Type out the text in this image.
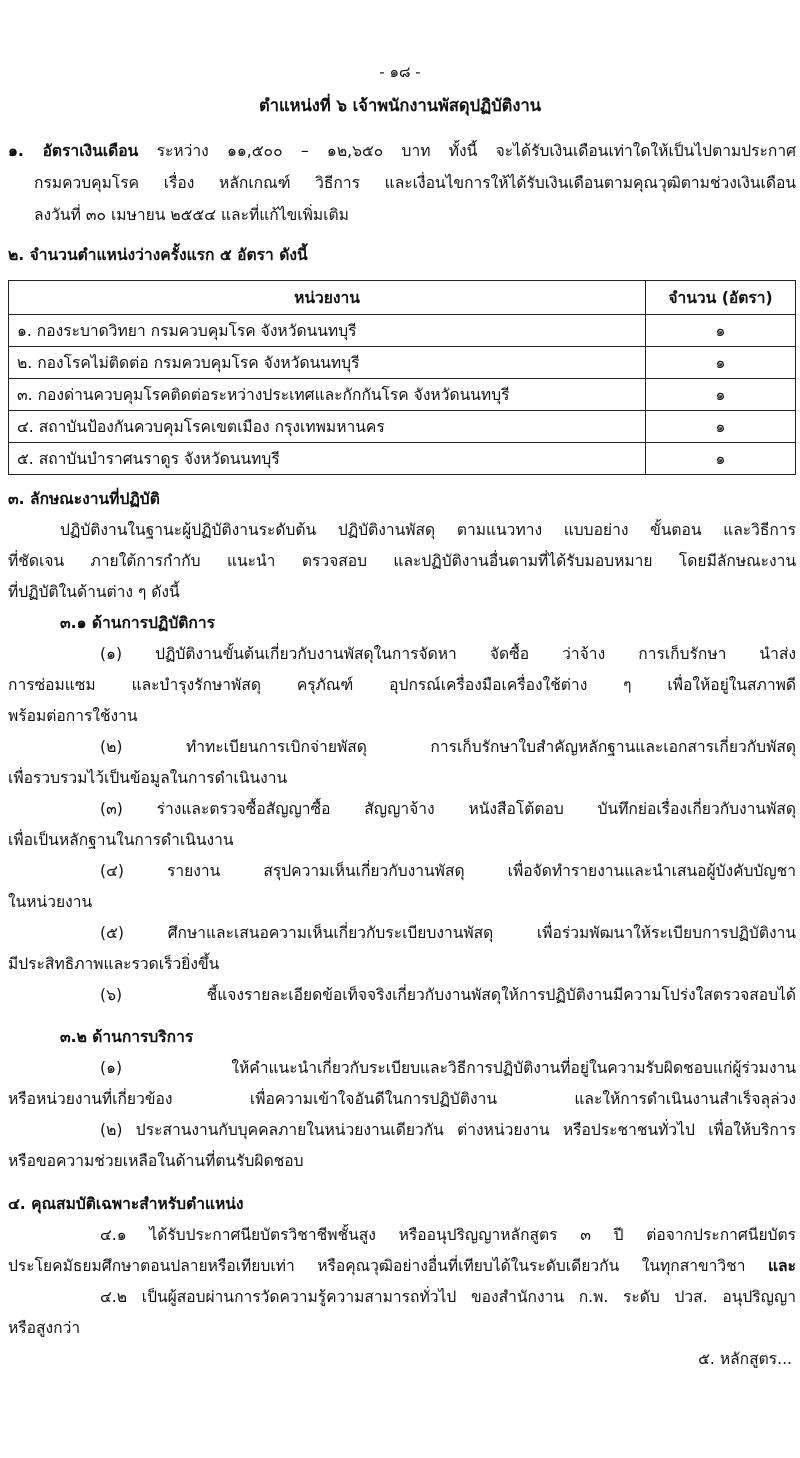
- ๑๘ -
ตำแหน่งที่ ๖ เจ้าพนักงานพัสดุปฏิบัติงาน
๑. อัตราเงินเดือน ระหว่าง ๑๑,๕๐๐ – ๑๒,๖๕๐ บาท ทั้งนี้ จะได้รับเงินเดือนเท่าใดให้เป็นไปตามประกาศ
กรมควบคุมโรค เรื่อง หลักเกณฑ์ วิธีการ และเงื่อนไขการให้ได้รับเงินเดือนตามคุณวุฒิตามช่วงเงินเดือน
ลงวันที่ ๓๐ เมษายน ๒๕๕๔ และที่แก้ไขเพิ่มเติม
๒. จำนวนตำแหน่งว่างครั้งแรก ๕ อัตรา ดังนี้
หน่วยงาน	จำนวน (อัตรา)
๑. กองระบาดวิทยา กรมควบคุมโรค จังหวัดนนทบุรี	๑
๒. กองโรคไม่ติดต่อ กรมควบคุมโรค จังหวัดนนทบุรี	๑
๓. กองด่านควบคุมโรคติดต่อระหว่างประเทศและกักกันโรค จังหวัดนนทบุรี	๑
๔. สถาบันป้องกันควบคุมโรคเขตเมือง กรุงเทพมหานคร	๑
๕. สถาบันบำราศนราดูร จังหวัดนนทบุรี	๑
๓. ลักษณะงานที่ปฏิบัติ
ปฏิบัติงานในฐานะผู้ปฏิบัติงานระดับต้น ปฏิบัติงานพัสดุ ตามแนวทาง แบบอย่าง ขั้นตอน และวิธีการ
ที่ชัดเจน ภายใต้การกำกับ แนะนำ ตรวจสอบ และปฏิบัติงานอื่นตามที่ได้รับมอบหมาย โดยมีลักษณะงาน
ที่ปฏิบัติในด้านต่าง ๆ ดังนี้
๓.๑ ด้านการปฏิบัติการ
(๑) ปฏิบัติงานขั้นต้นเกี่ยวกับงานพัสดุในการจัดหา จัดซื้อ ว่าจ้าง การเก็บรักษา นำส่ง
การซ่อมแซม และบำรุงรักษาพัสดุ ครุภัณฑ์ อุปกรณ์เครื่องมือเครื่องใช้ต่าง ๆ เพื่อให้อยู่ในสภาพดี
พร้อมต่อการใช้งาน
(๒) ทำทะเบียนการเบิกจ่ายพัสดุ การเก็บรักษาใบสำคัญหลักฐานและเอกสารเกี่ยวกับพัสดุ
เพื่อรวบรวมไว้เป็นข้อมูลในการดำเนินงาน
(๓) ร่างและตรวจซื้อสัญญาซื้อ สัญญาจ้าง หนังสือโต้ตอบ บันทึกย่อเรื่องเกี่ยวกับงานพัสดุ
เพื่อเป็นหลักฐานในการดำเนินงาน
(๔) รายงาน สรุปความเห็นเกี่ยวกับงานพัสดุ เพื่อจัดทำรายงานและนำเสนอผู้บังคับบัญชา
ในหน่วยงาน
(๕) ศึกษาและเสนอความเห็นเกี่ยวกับระเบียบงานพัสดุ เพื่อร่วมพัฒนาให้ระเบียบการปฏิบัติงาน
มีประสิทธิภาพและรวดเร็วยิ่งขึ้น
(๖) ชี้แจงรายละเอียดข้อเท็จจริงเกี่ยวกับงานพัสดุให้การปฏิบัติงานมีความโปร่งใสตรวจสอบได้
๓.๒ ด้านการบริการ
(๑) ให้คำแนะนำเกี่ยวกับระเบียบและวิธีการปฏิบัติงานที่อยู่ในความรับผิดชอบแก่ผู้ร่วมงาน
หรือหน่วยงานที่เกี่ยวข้อง เพื่อความเข้าใจอันดีในการปฏิบัติงาน และให้การดำเนินงานสำเร็จลุล่วง
(๒) ประสานงานกับบุคคลภายในหน่วยงานเดียวกัน ต่างหน่วยงาน หรือประชาชนทั่วไป เพื่อให้บริการ
หรือขอความช่วยเหลือในด้านที่ตนรับผิดชอบ
๔. คุณสมบัติเฉพาะสำหรับตำแหน่ง
๔.๑ ได้รับประกาศนียบัตรวิชาชีพชั้นสูง หรืออนุปริญญาหลักสูตร ๓ ปี ต่อจากประกาศนียบัตร
ประโยคมัธยมศึกษาตอนปลายหรือเทียบเท่า หรือคุณวุฒิอย่างอื่นที่เทียบได้ในระดับเดียวกัน ในทุกสาขาวิชา และ
๔.๒ เป็นผู้สอบผ่านการวัดความรู้ความสามารถทั่วไป ของสำนักงาน ก.พ. ระดับ ปวส. อนุปริญญา
หรือสูงกว่า
๕. หลักสูตร...
